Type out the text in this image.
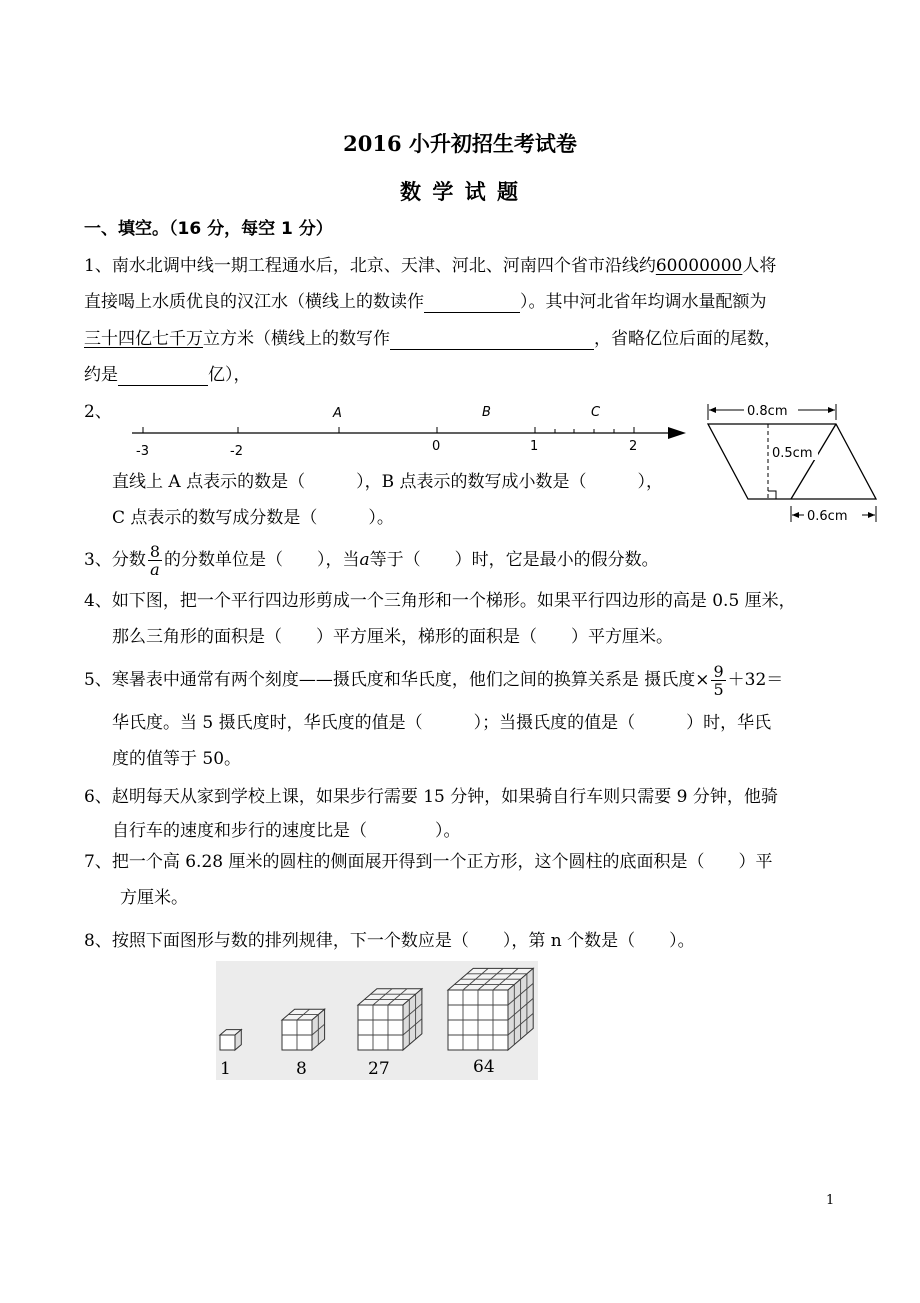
2016 小升初招生考试卷
数 学 试 题
一、填空。（16 分，每空 1 分）
1、南水北调中线一期工程通水后，北京、天津、河北、河南四个省市沿线约60000000人将
直接喝上水质优良的汉江水（横线上的数读作	）。其中河北省年均调水量配额为
三十四亿七千万立方米（横线上的数写作	，省略亿位后面的尾数，
约是	亿），
2、	A	B	C
-3	-2	0	1	2
0.8cm
0.5cm
0.6cm
直线上 A 点表示的数是（　　　），B 点表示的数写成小数是（　　　），
C 点表示的数写成分数是（　　　）。
3、分数 $\frac{8}{a}$ 的分数单位是（　　），当a等于（　　）时，它是最小的假分数。
4、如下图，把一个平行四边形剪成一个三角形和一个梯形。如果平行四边形的高是 0.5 厘米，
那么三角形的面积是（　　）平方厘米，梯形的面积是（　　）平方厘米。
5、寒暑表中通常有两个刻度——摄氏度和华氏度，他们之间的换算关系是 摄氏度× $\frac{9}{5} +32=$
华氏度。当 5 摄氏度时，华氏度的值是（　　　）；当摄氏度的值是（　　　）时，华氏
度的值等于 50。
6、赵明每天从家到学校上课，如果步行需要 15 分钟，如果骑自行车则只需要 9 分钟，他骑
自行车的速度和步行的速度比是（　　　　）。
7、把一个高 6.28 厘米的圆柱的侧面展开得到一个正方形，这个圆柱的底面积是（　　）平
方厘米。
8、按照下面图形与数的排列规律，下一个数应是（　　），第 n 个数是（　　）。
1	8	27	64
1
